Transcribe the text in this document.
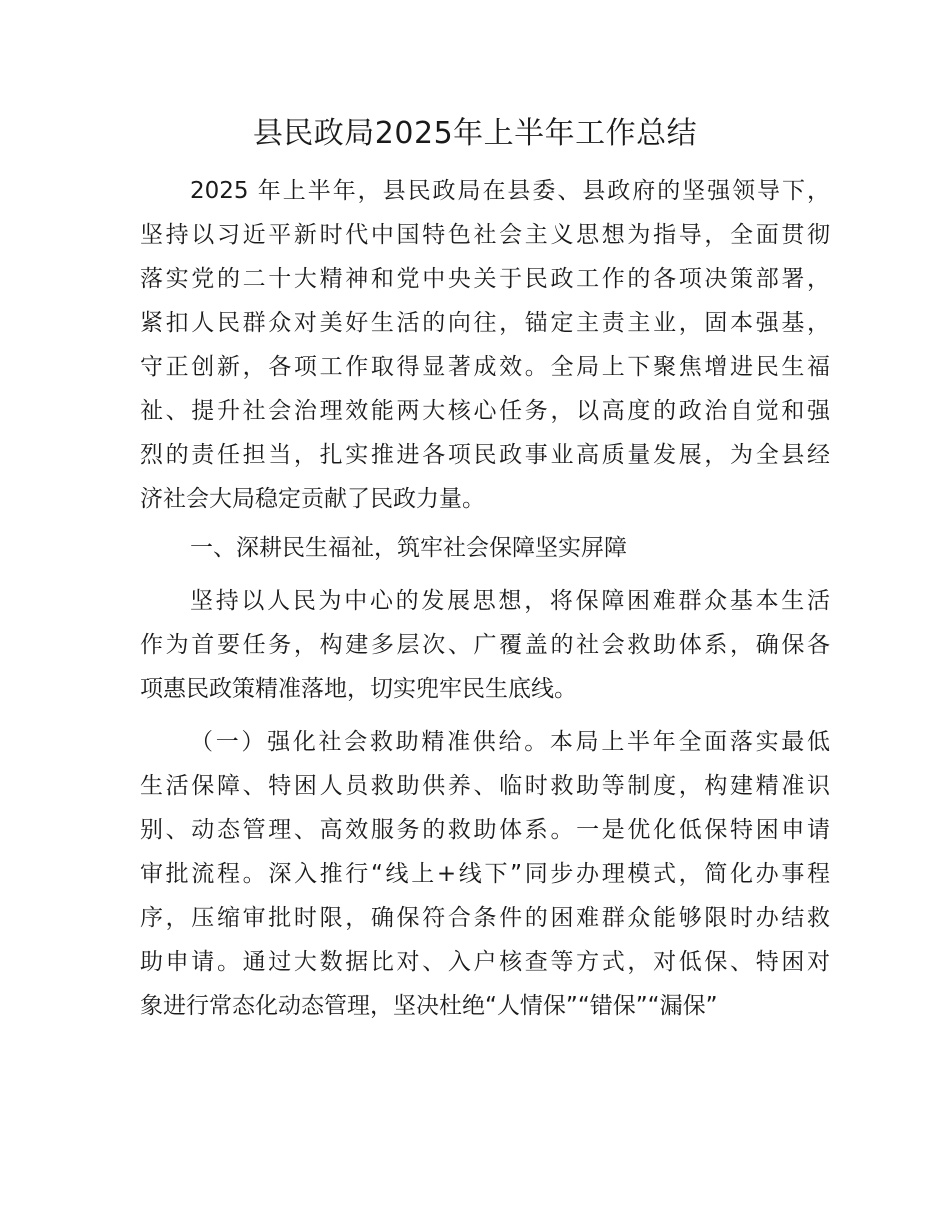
县民政局2025年上半年工作总结

2025 年上半年，县民政局在县委、县政府的坚强领导下，

坚持以习近平新时代中国特色社会主义思想为指导，全面贯彻

落实党的二十大精神和党中央关于民政工作的各项决策部署，

紧扣人民群众对美好生活的向往，锚定主责主业，固本强基，

守正创新，各项工作取得显著成效。全局上下聚焦增进民生福

祉、提升社会治理效能两大核心任务，以高度的政治自觉和强

烈的责任担当，扎实推进各项民政事业高质量发展，为全县经

济社会大局稳定贡献了民政力量。

一、深耕民生福祉，筑牢社会保障坚实屏障

坚持以人民为中心的发展思想，将保障困难群众基本生活

作为首要任务，构建多层次、广覆盖的社会救助体系，确保各

项惠民政策精准落地，切实兜牢民生底线。

（一）强化社会救助精准供给。本局上半年全面落实最低

生活保障、特困人员救助供养、临时救助等制度，构建精准识

别、动态管理、高效服务的救助体系。一是优化低保特困申请

审批流程。深入推行“线上+线下”同步办理模式，简化办事程

序，压缩审批时限，确保符合条件的困难群众能够限时办结救

助申请。通过大数据比对、入户核查等方式，对低保、特困对

象进行常态化动态管理，坚决杜绝“人情保”“错保”“漏保”
